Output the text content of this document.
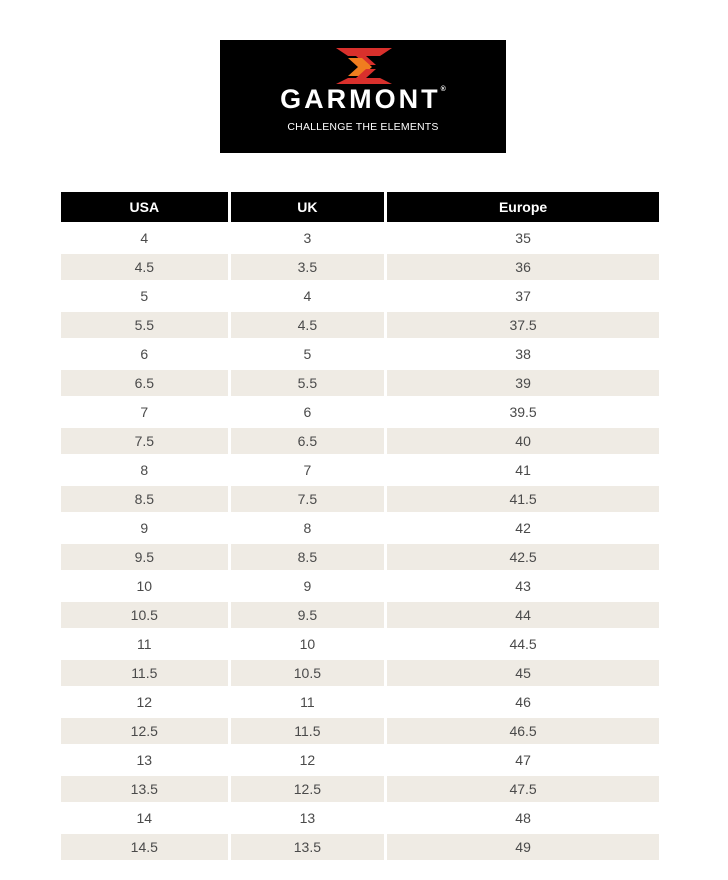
GARMONT®
CHALLENGE THE ELEMENTS
USA	UK	Europe
4	3	35
4.5	3.5	36
5	4	37
5.5	4.5	37.5
6	5	38
6.5	5.5	39
7	6	39.5
7.5	6.5	40
8	7	41
8.5	7.5	41.5
9	8	42
9.5	8.5	42.5
10	9	43
10.5	9.5	44
11	10	44.5
11.5	10.5	45
12	11	46
12.5	11.5	46.5
13	12	47
13.5	12.5	47.5
14	13	48
14.5	13.5	49
